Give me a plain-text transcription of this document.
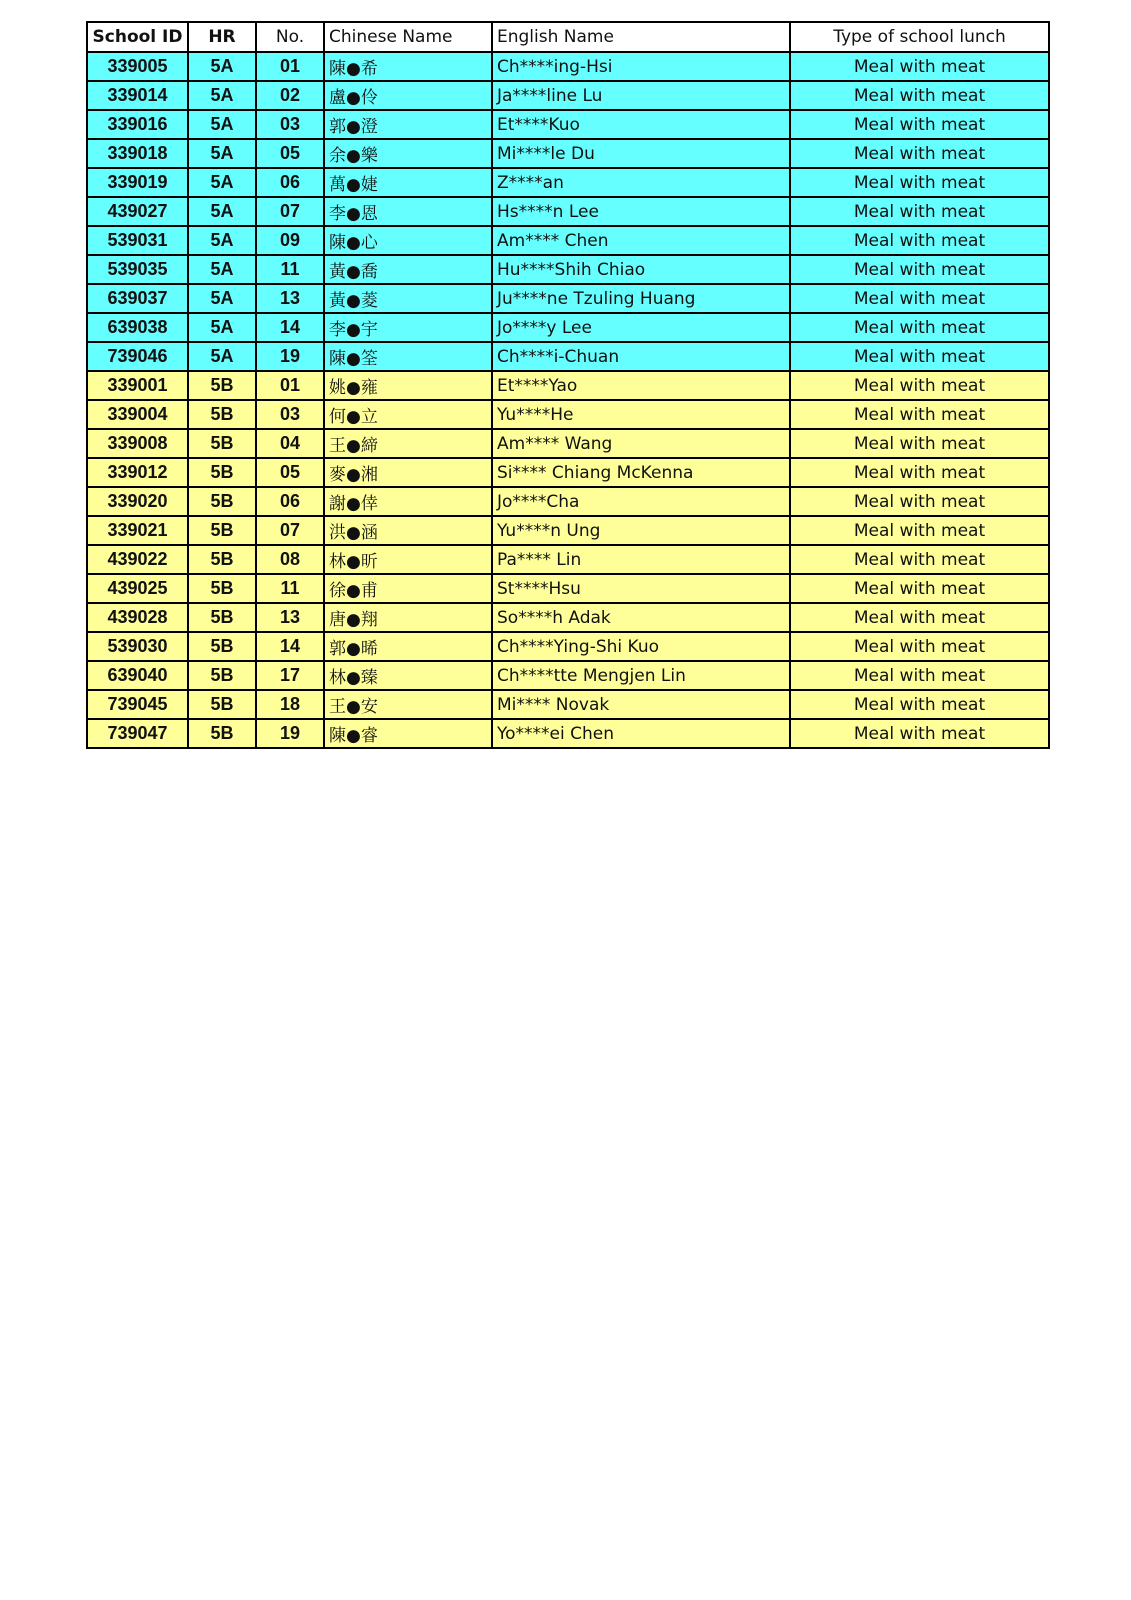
School ID	HR	No.	Chinese Name	English Name	Type of school lunch
339005	5A	01	陳●希	Ch****ing-Hsi	Meal with meat
339014	5A	02	盧●伶	Ja****line Lu	Meal with meat
339016	5A	03	郭●澄	Et****Kuo	Meal with meat
339018	5A	05	余●樂	Mi****le Du	Meal with meat
339019	5A	06	萬●婕	Z****an	Meal with meat
439027	5A	07	李●恩	Hs****n Lee	Meal with meat
539031	5A	09	陳●心	Am**** Chen	Meal with meat
539035	5A	11	黃●喬	Hu****Shih Chiao	Meal with meat
639037	5A	13	黃●菱	Ju****ne Tzuling Huang	Meal with meat
639038	5A	14	李●宇	Jo****y Lee	Meal with meat
739046	5A	19	陳●筌	Ch****i-Chuan	Meal with meat
339001	5B	01	姚●雍	Et****Yao	Meal with meat
339004	5B	03	何●立	Yu****He	Meal with meat
339008	5B	04	王●締	Am**** Wang	Meal with meat
339012	5B	05	麥●湘	Si**** Chiang McKenna	Meal with meat
339020	5B	06	謝●倖	Jo****Cha	Meal with meat
339021	5B	07	洪●涵	Yu****n Ung	Meal with meat
439022	5B	08	林●昕	Pa**** Lin	Meal with meat
439025	5B	11	徐●甫	St****Hsu	Meal with meat
439028	5B	13	唐●翔	So****h Adak	Meal with meat
539030	5B	14	郭●晞	Ch****Ying-Shi Kuo	Meal with meat
639040	5B	17	林●臻	Ch****tte Mengjen Lin	Meal with meat
739045	5B	18	王●安	Mi**** Novak	Meal with meat
739047	5B	19	陳●睿	Yo****ei Chen	Meal with meat
